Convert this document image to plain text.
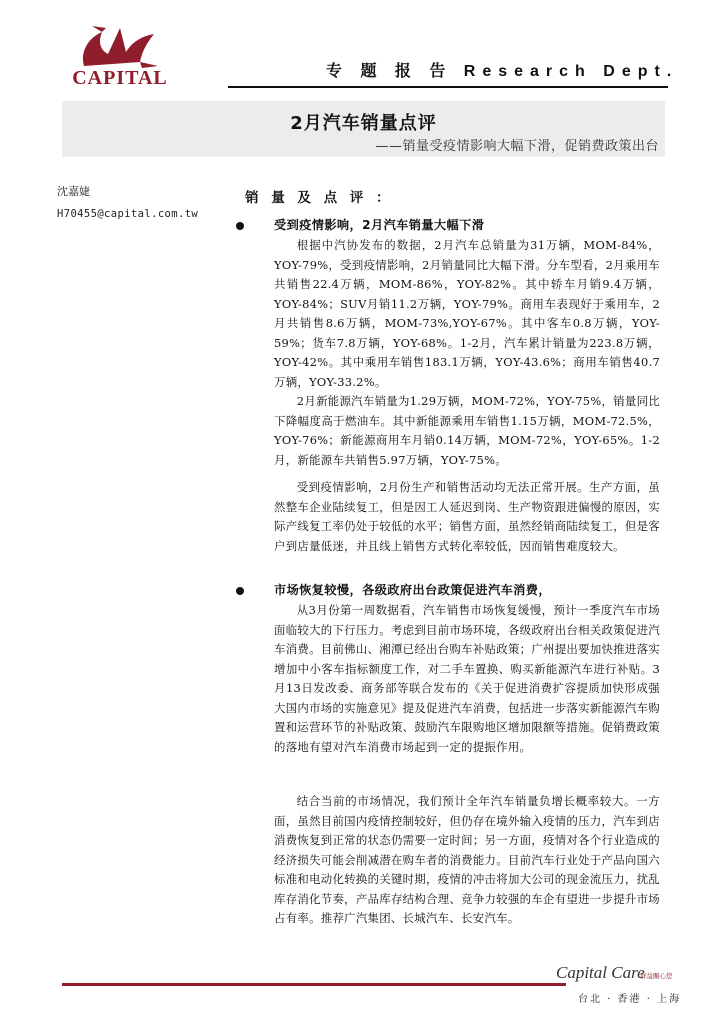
CAPITAL	专 题 报 告 Research Dept.
2月汽车销量点评
——销量受疫情影响大幅下滑，促销费政策出台
沈嘉婕
H70455@capital.com.tw
销 量 及 点 评 ：
受到疫情影响，2月汽车销量大幅下滑

根据中汽协发布的数据，2月汽车总销量为31万辆，MOM-84%，YOY-79%，受到疫情影响，2月销量同比大幅下滑。分车型看，2月乘用车共销售22.4万辆，MOM-86%，YOY-82%。其中轿车月销9.4万辆，YOY-84%；SUV月销11.2万辆，YOY-79%。商用车表现好于乘用车，2月共销售8.6万辆，MOM-73%,YOY-67%。其中客车0.8万辆，YOY-59%；货车7.8万辆，YOY-68%。1-2月，汽车累计销量为223.8万辆，YOY-42%。其中乘用车销售183.1万辆，YOY-43.6%；商用车销售40.7万辆，YOY-33.2%。

2月新能源汽车销量为1.29万辆，MOM-72%，YOY-75%，销量同比下降幅度高于燃油车。其中新能源乘用车销售1.15万辆，MOM-72.5%，YOY-76%；新能源商用车月销0.14万辆，MOM-72%，YOY-65%。1-2月，新能源车共销售5.97万辆，YOY-75%。

受到疫情影响，2月份生产和销售活动均无法正常开展。生产方面，虽然整车企业陆续复工，但是因工人延迟到岗、生产物资跟进偏慢的原因，实际产线复工率仍处于较低的水平；销售方面，虽然经销商陆续复工，但是客户到店量低迷，并且线上销售方式转化率较低，因而销售难度较大。

市场恢复较慢，各级政府出台政策促进汽车消费，

从3月份第一周数据看，汽车销售市场恢复缓慢，预计一季度汽车市场面临较大的下行压力。考虑到目前市场环境，各级政府出台相关政策促进汽车消费。目前佛山、湘潭已经出台购车补贴政策；广州提出要加快推进落实增加中小客车指标额度工作，对二手车置换、购买新能源汽车进行补贴。3月13日发改委、商务部等联合发布的《关于促进消费扩容提质加快形成强大国内市场的实施意见》提及促进汽车消费，包括进一步落实新能源汽车购置和运营环节的补贴政策、鼓励汽车限购地区增加限额等措施。促销费政策的落地有望对汽车消费市场起到一定的提振作用。

结合当前的市场情况，我们预计全年汽车销量负增长概率较大。一方面，虽然目前国内疫情控制较好，但仍存在境外输入疫情的压力，汽车到店消费恢复到正常的状态仍需要一定时间；另一方面，疫情对各个行业造成的经济损失可能会削减潜在购车者的消费能力。目前汽车行业处于产品向国六标准和电动化转换的关键时期，疫情的冲击将加大公司的现金流压力，扰乱库存消化节奏，产品库存结构合理、竞争力较强的车企有望进一步提升市场占有率。推荐广汽集团、长城汽车、长安汽车。

Capital Care
群益關心您
台北 · 香港 · 上海
